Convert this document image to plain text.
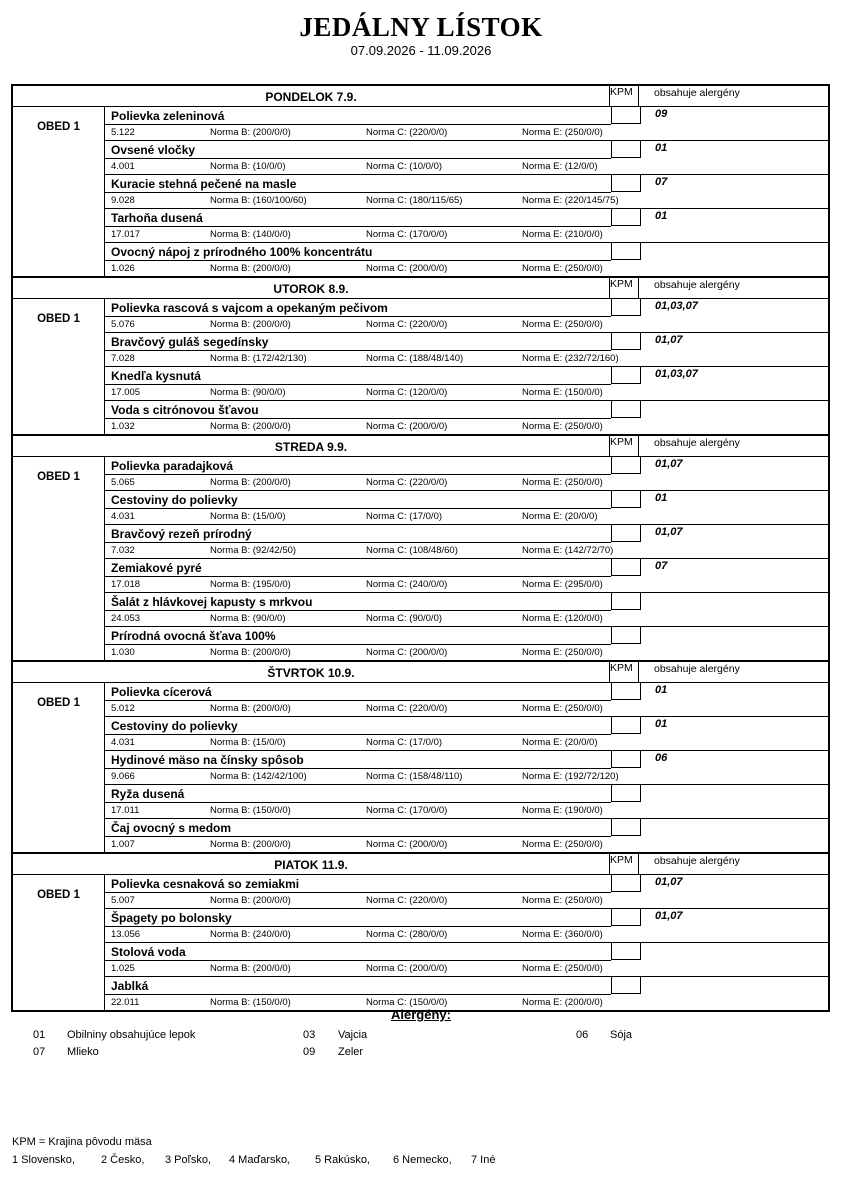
JEDÁLNY LÍSTOK
07.09.2026 - 11.09.2026
PONDELOK 7.9.	KPM	obsahuje alergény
OBED 1
Polievka zeleninová
5.122	Norma B: (200/0/0)	Norma C: (220/0/0)	Norma E: (250/0/0)
09
Ovsené vločky
4.001	Norma B: (10/0/0)	Norma C: (10/0/0)	Norma E: (12/0/0)
01
Kuracie stehná pečené na masle
9.028	Norma B: (160/100/60)	Norma C: (180/115/65)	Norma E: (220/145/75)
07
Tarhoňa dusená
17.017	Norma B: (140/0/0)	Norma C: (170/0/0)	Norma E: (210/0/0)
01
Ovocný nápoj z prírodného 100% koncentrátu
1.026	Norma B: (200/0/0)	Norma C: (200/0/0)	Norma E: (250/0/0)
UTOROK 8.9.	KPM	obsahuje alergény
OBED 1
Polievka rascová s vajcom a opekaným pečivom
5.076	Norma B: (200/0/0)	Norma C: (220/0/0)	Norma E: (250/0/0)
01,03,07
Bravčový guláš segedínsky
7.028	Norma B: (172/42/130)	Norma C: (188/48/140)	Norma E: (232/72/160)
01,07
Knedľa kysnutá
17.005	Norma B: (90/0/0)	Norma C: (120/0/0)	Norma E: (150/0/0)
01,03,07
Voda s citrónovou šťavou
1.032	Norma B: (200/0/0)	Norma C: (200/0/0)	Norma E: (250/0/0)
STREDA 9.9.	KPM	obsahuje alergény
OBED 1
Polievka paradajková
5.065	Norma B: (200/0/0)	Norma C: (220/0/0)	Norma E: (250/0/0)
01,07
Cestoviny do polievky
4.031	Norma B: (15/0/0)	Norma C: (17/0/0)	Norma E: (20/0/0)
01
Bravčový rezeň prírodný
7.032	Norma B: (92/42/50)	Norma C: (108/48/60)	Norma E: (142/72/70)
01,07
Zemiakové pyré
17.018	Norma B: (195/0/0)	Norma C: (240/0/0)	Norma E: (295/0/0)
07
Šalát z hlávkovej kapusty s mrkvou
24.053	Norma B: (90/0/0)	Norma C: (90/0/0)	Norma E: (120/0/0)
Prírodná ovocná šťava 100%
1.030	Norma B: (200/0/0)	Norma C: (200/0/0)	Norma E: (250/0/0)
ŠTVRTOK 10.9.	KPM	obsahuje alergény
OBED 1
Polievka cícerová
5.012	Norma B: (200/0/0)	Norma C: (220/0/0)	Norma E: (250/0/0)
01
Cestoviny do polievky
4.031	Norma B: (15/0/0)	Norma C: (17/0/0)	Norma E: (20/0/0)
01
Hydinové mäso na čínsky spôsob
9.066	Norma B: (142/42/100)	Norma C: (158/48/110)	Norma E: (192/72/120)
06
Ryža dusená
17.011	Norma B: (150/0/0)	Norma C: (170/0/0)	Norma E: (190/0/0)
Čaj ovocný s medom
1.007	Norma B: (200/0/0)	Norma C: (200/0/0)	Norma E: (250/0/0)
PIATOK 11.9.	KPM	obsahuje alergény
OBED 1
Polievka cesnaková so zemiakmi
5.007	Norma B: (200/0/0)	Norma C: (220/0/0)	Norma E: (250/0/0)
01,07
Špagety po bolonsky
13.056	Norma B: (240/0/0)	Norma C: (280/0/0)	Norma E: (360/0/0)
01,07
Stolová voda
1.025	Norma B: (200/0/0)	Norma C: (200/0/0)	Norma E: (250/0/0)
Jablká
22.011	Norma B: (150/0/0)	Norma C: (150/0/0)	Norma E: (200/0/0)
Alergény:
01 Obilniny obsahujúce lepok	03 Vajcia	06 Sója
07 Mlieko	09 Zeler
KPM = Krajina pôvodu mäsa
1 Slovensko, 2 Česko, 3 Poľsko, 4 Maďarsko, 5 Rakúsko, 6 Nemecko, 7 Iné
